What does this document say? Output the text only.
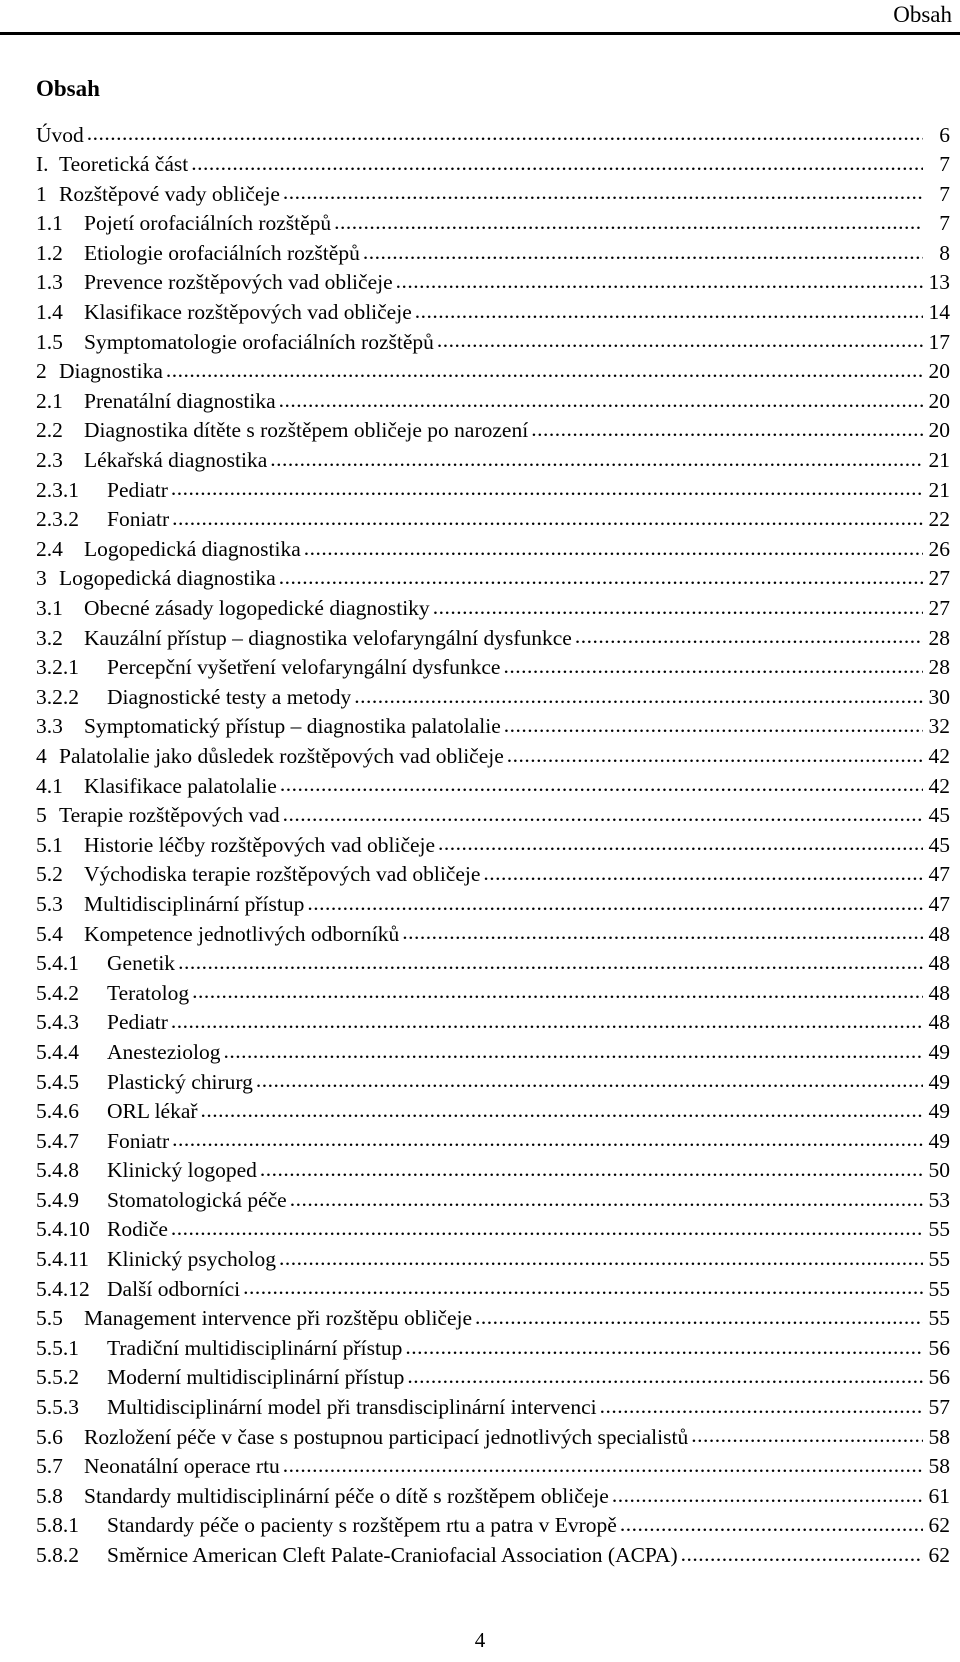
Obsah
Obsah
Úvod .....	6
I. Teoretická část .....	7
1 Rozštěpové vady obličeje .....	7
1.1 Pojetí orofaciálních rozštěpů .....	7
1.2 Etiologie orofaciálních rozštěpů .....	8
1.3 Prevence rozštěpových vad obličeje .....	13
1.4 Klasifikace rozštěpových vad obličeje .....	14
1.5 Symptomatologie orofaciálních rozštěpů .....	17
2 Diagnostika .....	20
2.1 Prenatální diagnostika .....	20
2.2 Diagnostika dítěte s rozštěpem obličeje po narození .....	20
2.3 Lékařská diagnostika .....	21
2.3.1	Pediatr .....	21
2.3.2	Foniatr .....	22
2.4 Logopedická diagnostika .....	26
3 Logopedická diagnostika .....	27
3.1 Obecné zásady logopedické diagnostiky .....	27
3.2 Kauzální přístup – diagnostika velofaryngální dysfunkce .....	28
3.2.1	Percepční vyšetření velofaryngální dysfunkce .....	28
3.2.2	Diagnostické testy a metody .....	30
3.3 Symptomatický přístup – diagnostika palatolalie .....	32
4 Palatolalie jako důsledek rozštěpových vad obličeje .....	42
4.1 Klasifikace palatolalie .....	42
5 Terapie rozštěpových vad .....	45
5.1 Historie léčby rozštěpových vad obličeje .....	45
5.2 Východiska terapie rozštěpových vad obličeje .....	47
5.3 Multidisciplinární přístup .....	47
5.4 Kompetence jednotlivých odborníků .....	48
5.4.1	Genetik .....	48
5.4.2	Teratolog .....	48
5.4.3	Pediatr .....	48
5.4.4	Anesteziolog .....	49
5.4.5	Plastický chirurg .....	49
5.4.6	ORL lékař .....	49
5.4.7	Foniatr .....	49
5.4.8	Klinický logoped .....	50
5.4.9	Stomatologická péče .....	53
5.4.10 Rodiče .....	55
5.4.11 Klinický psycholog .....	55
5.4.12 Další odborníci .....	55
5.5 Management intervence při rozštěpu obličeje .....	55
5.5.1	Tradiční multidisciplinární přístup .....	56
5.5.2	Moderní multidisciplinární přístup .....	56
5.5.3	Multidisciplinární model při transdisciplinární intervenci .....	57
5.6 Rozložení péče v čase s postupnou participací jednotlivých specialistů .....	58
5.7 Neonatální operace rtu .....	58
5.8 Standardy multidisciplinární péče o dítě s rozštěpem obličeje .....	61
5.8.1	Standardy péče o pacienty s rozštěpem rtu a patra v Evropě .....	62
5.8.2	Směrnice American Cleft Palate-Craniofacial Association (ACPA) .....	62
4
